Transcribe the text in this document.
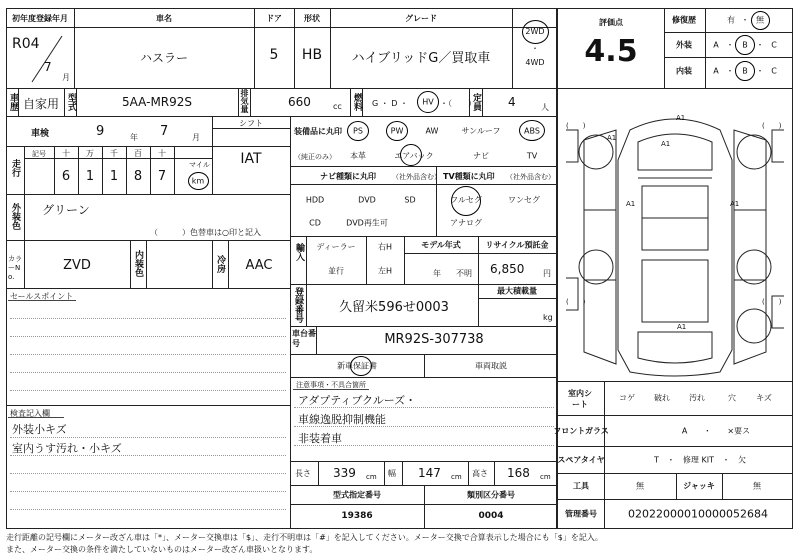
初年度登録年月
R04
7
月
車名
ハスラー
ドア
5
形状
HB
グレード
ハイブリッドG／買取車
2WD
・
4WD
車歴 自家用 型式	5AA-MR92S	排気量	660	cc 燃料 G ・ D ・ HV ・（　　）
定員 4	人
車検	9	年 7	月
シフト
IAT
走行
記号 十 万 千 百 十
マイル
6 1 1 8 7	km
外装色 グリーン
（　　　）色替車は○印と記入
カラーNo.
ZVD	内装色	冷房 AAC
セールスポイント
検査記入欄
外装小キズ
室内うす汚れ・小キズ
装備品に丸印
（純正のみ）
PS	PW	AW	サンルーフ	ABS
本革	エアバック	ナビ	TV
ナビ種類に丸印 （社外品含む）
HDD	DVD	SD
CD	DVD再生可
TV種類に丸印 （社外品含む）
フルセグ	ワンセグ
アナログ
輸入 ディーラー
並行
右H
左H
モデル年式
年 不明
リサイクル預託金
6,850 円
登録番号	久留米596せ0003
最大積載量
kg
車台番号	MR92S-307738
新車保証書	車両取説
注意事項・不具合箇所
アダプティブクルーズ・
車線逸脱抑制機能
非装着車
長さ 339 cm 幅 147 cm 高さ 168 cm
型式指定番号
19386
類別区分番号
0004
評価点
4.5
修復歴	有 ・ 無
外装	A ・ B ・ C
内装	A ・ B ・ C
A1
A1
A1
A1	A1
A1
(　　)	(　　)
(　　)	(　　)
室内シート
コゲ 破れ 汚れ	穴	キズ
フロントガラス	A　　・　　×要ス
スペアタイヤ	T　・　修理 KIT　・　欠
工具	無	ジャッキ	無
管理番号	02022000010000052684
走行距離の記号欄にメーター改ざん車は「*」、メーター交換車は「$」、走行不明車は「#」を記入してください。メーター交換で合算表示した場合にも「$」を記入。
また、メーター交換の条件を満たしていないものはメーター改ざん車扱いとなります。
